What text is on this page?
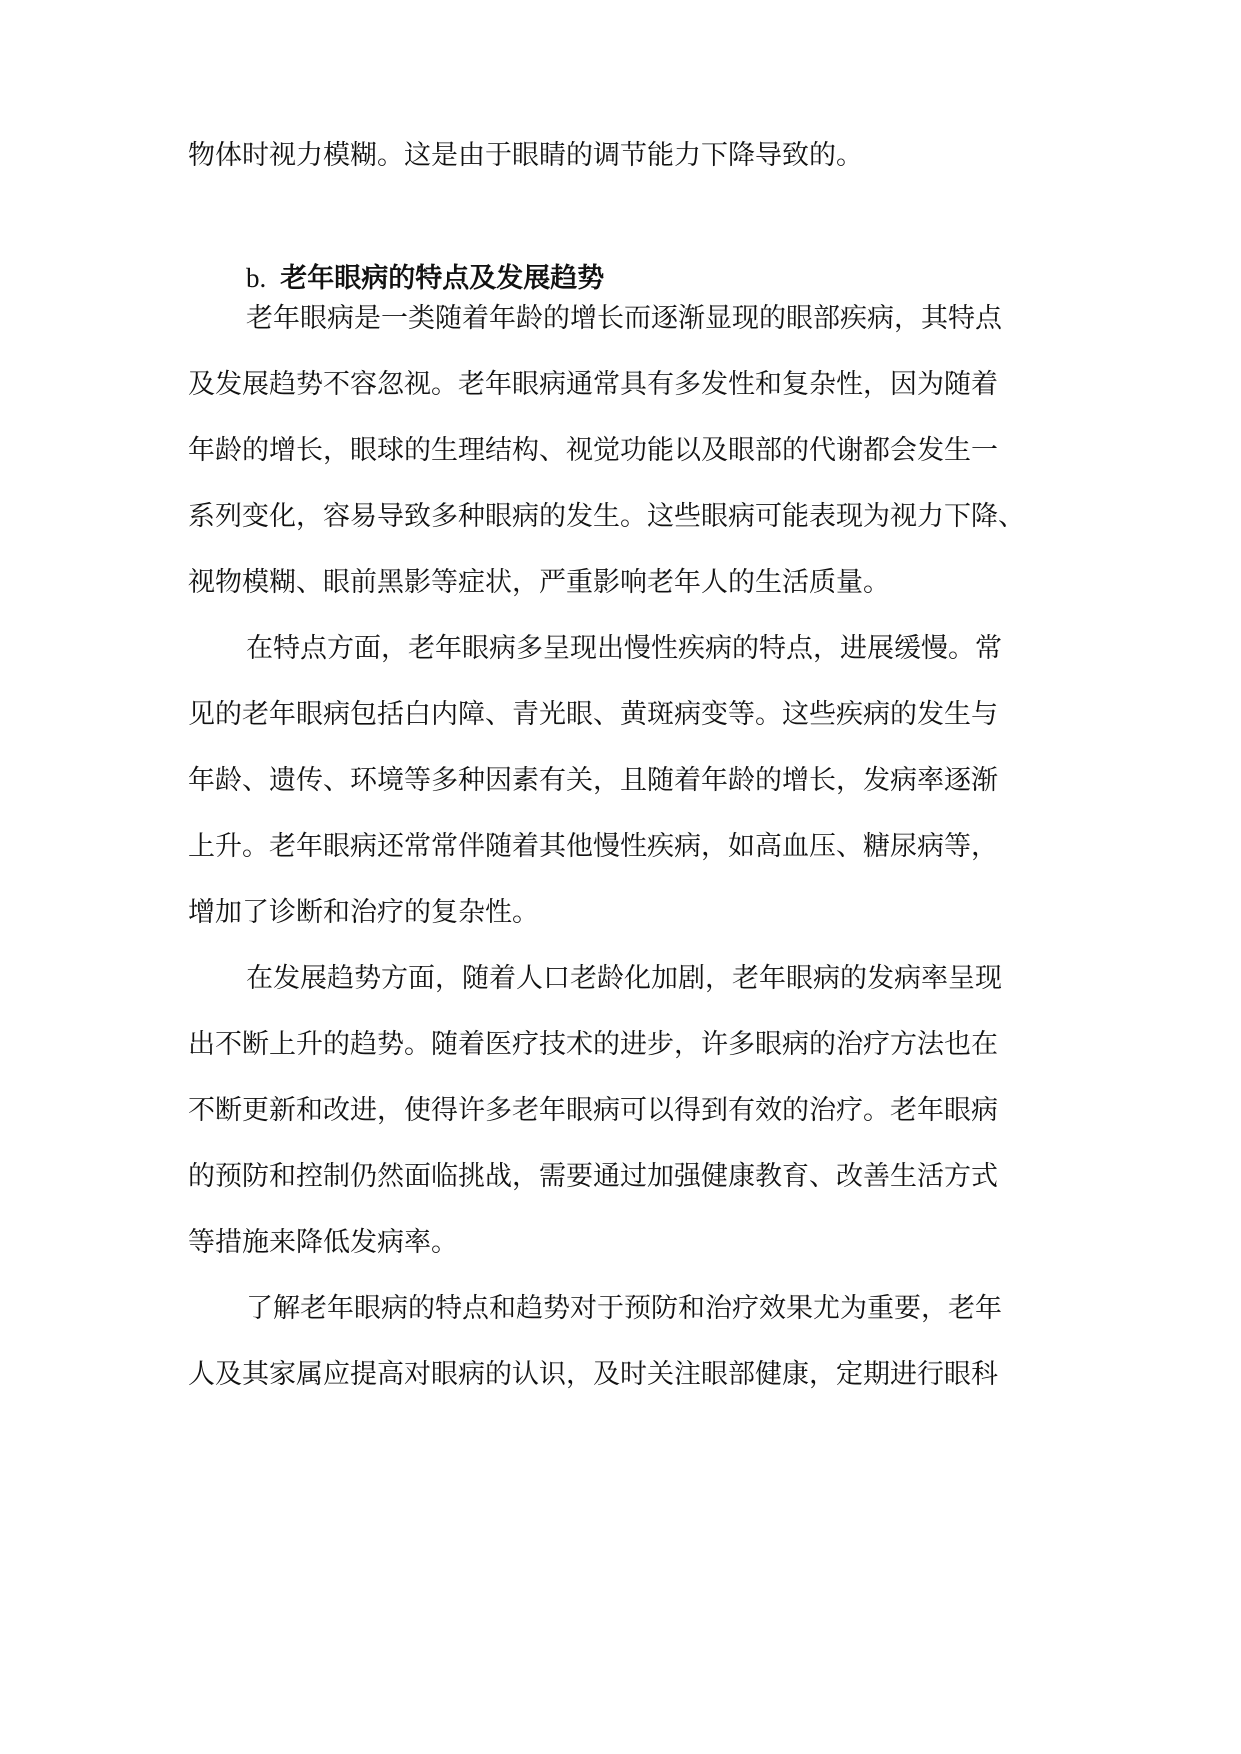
物体时视力模糊。这是由于眼睛的调节能力下降导致的。

b. 老年眼病的特点及发展趋势

老年眼病是一类随着年龄的增长而逐渐显现的眼部疾病，其特点

及发展趋势不容忽视。老年眼病通常具有多发性和复杂性，因为随着

年龄的增长，眼球的生理结构、视觉功能以及眼部的代谢都会发生一

系列变化，容易导致多种眼病的发生。这些眼病可能表现为视力下降、

视物模糊、眼前黑影等症状，严重影响老年人的生活质量。

在特点方面，老年眼病多呈现出慢性疾病的特点，进展缓慢。常

见的老年眼病包括白内障、青光眼、黄斑病变等。这些疾病的发生与

年龄、遗传、环境等多种因素有关，且随着年龄的增长，发病率逐渐

上升。老年眼病还常常伴随着其他慢性疾病，如高血压、糖尿病等，

增加了诊断和治疗的复杂性。

在发展趋势方面，随着人口老龄化加剧，老年眼病的发病率呈现

出不断上升的趋势。随着医疗技术的进步，许多眼病的治疗方法也在

不断更新和改进，使得许多老年眼病可以得到有效的治疗。老年眼病

的预防和控制仍然面临挑战，需要通过加强健康教育、改善生活方式

等措施来降低发病率。

了解老年眼病的特点和趋势对于预防和治疗效果尤为重要，老年

人及其家属应提高对眼病的认识，及时关注眼部健康，定期进行眼科
